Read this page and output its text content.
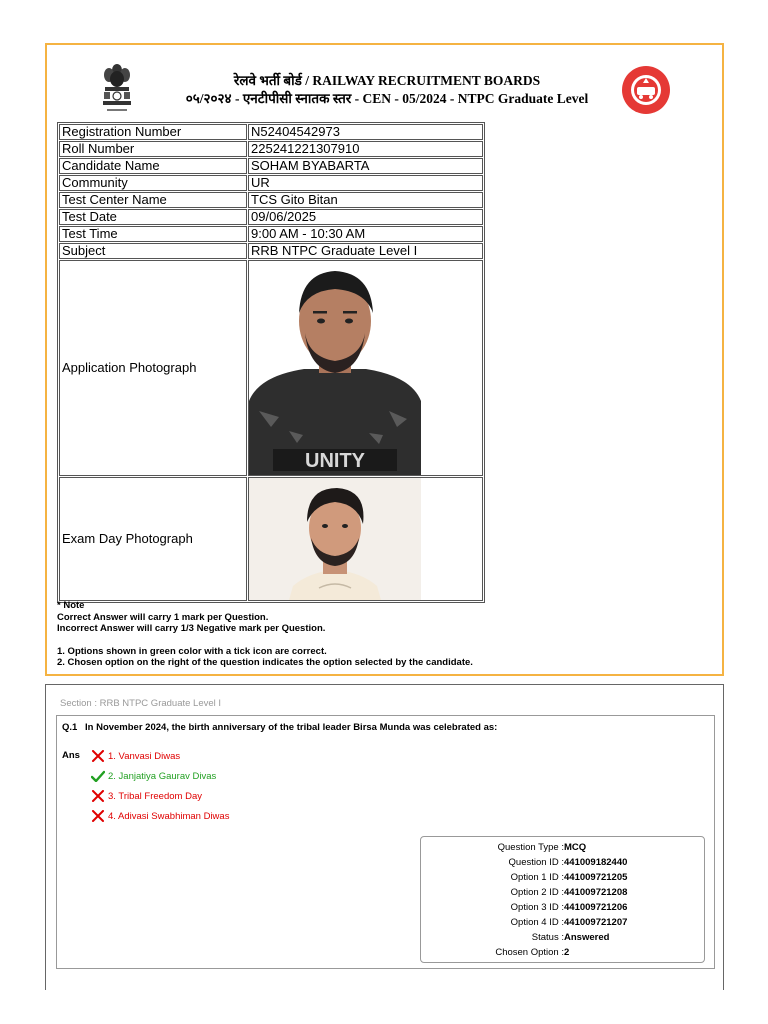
रेलवे भर्ती बोर्ड / RAILWAY RECRUITMENT BOARDS
०५/२०२४ - एनटीपीसी स्नातक स्तर - CEN - 05/2024 - NTPC Graduate Level
Registration Number	N52404542973
Roll Number	225241221307910
Candidate Name	SOHAM BYABARTA
Community	UR
Test Center Name	TCS Gito Bitan
Test Date	09/06/2025
Test Time	9:00 AM - 10:30 AM
Subject	RRB NTPC Graduate Level I
Application Photograph	UNITY

Exam Day Photograph	

* Note

Correct Answer will carry 1 mark per Question.

Incorrect Answer will carry 1/3 Negative mark per Question.

1. Options shown in green color with a tick icon are correct.

2. Chosen option on the right of the question indicates the option selected by the candidate.

Section : RRB NTPC Graduate Level I
Q.1 In November 2024, the birth anniversary of the tribal leader Birsa Munda was celebrated as:
Ans	1. Vanvasi Diwas
2. Janjatiya Gaurav Divas
3. Tribal Freedom Day
4. Adivasi Swabhiman Diwas
Question Type : MCQ
Question ID : 441009182440
Option 1 ID : 441009721205
Option 2 ID : 441009721208
Option 3 ID : 441009721206
Option 4 ID : 441009721207
Status : Answered
Chosen Option : 2
